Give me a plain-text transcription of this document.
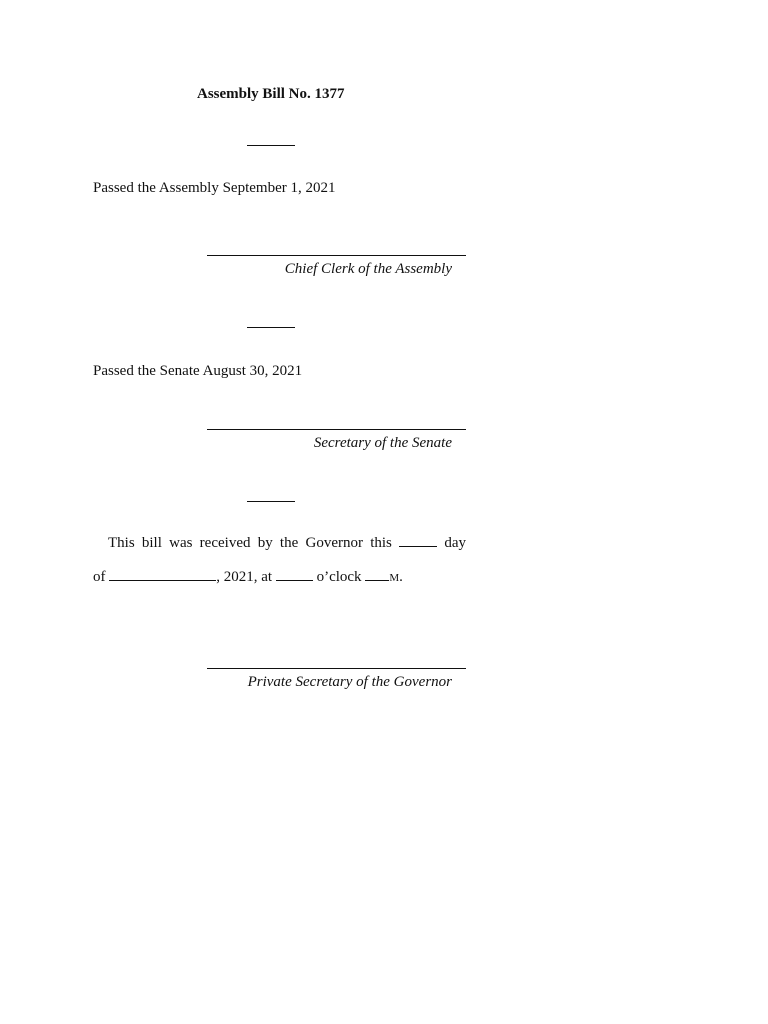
Assembly Bill No. 1377
Passed the Assembly September 1, 2021
Chief Clerk of the Assembly
Passed the Senate August 30, 2021
Secretary of the Senate
This bill was received by the Governor this	day
of	, 2021, at	o’clock m.
Private Secretary of the Governor
